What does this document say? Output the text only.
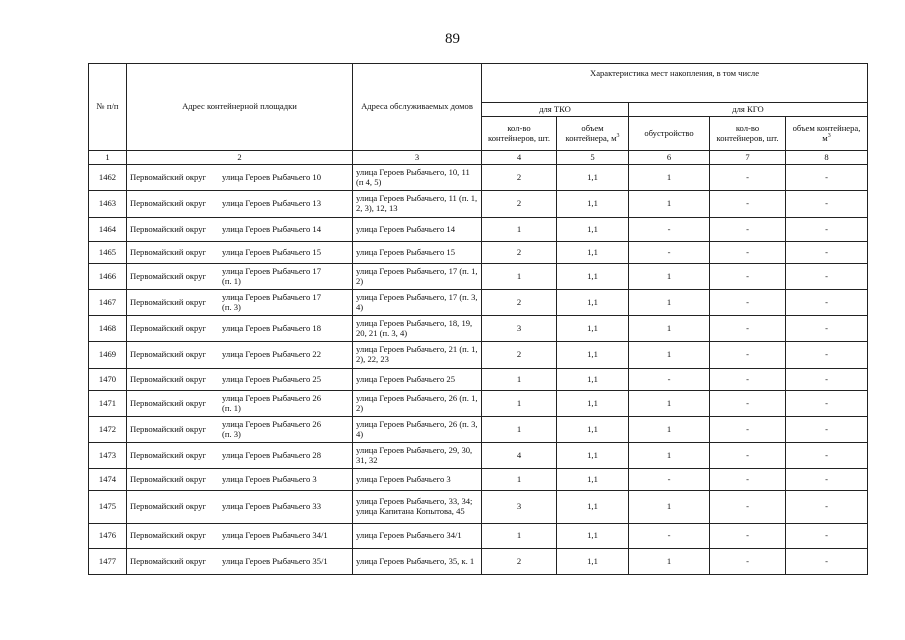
89
№ п/п	Адрес контейнерной площадки	Адреса обслуживаемых домов	Характеристика мест накопления, в том числе				
			для ТКО		для КГО		
			кол-во контейнеров, шт.	объем контейнера, $м^3$	обустройство	кол-во контейнеров, шт.	объем контейнера, $м^3$
1	2	3	4	5	6	7	8
1462	Первомайский округ улица Героев Рыбачьего 10	улица Героев Рыбачьего, 10, 11 (п 4, 5)	2	1,1	1	-	-
1463	Первомайский округ улица Героев Рыбачьего 13	улица Героев Рыбачьего, 11 (п. 1, 2, 3), 12, 13	2	1,1	1	-	-
1464	Первомайский округ улица Героев Рыбачьего 14	улица Героев Рыбачьего 14	1	1,1	-	-	-
1465	Первомайский округ улица Героев Рыбачьего 15	улица Героев Рыбачьего 15	2	1,1	-	-	-
1466	Первомайский округ улица Героев Рыбачьего 17
(п. 1)	улица Героев Рыбачьего, 17 (п. 1, 2)	1	1,1	1	-	-
1467	Первомайский округ улица Героев Рыбачьего 17
(п. 3)	улица Героев Рыбачьего, 17 (п. 3, 4)	2	1,1	1	-	-
1468	Первомайский округ улица Героев Рыбачьего 18	улица Героев Рыбачьего, 18, 19, 20, 21 (п. 3, 4)	3	1,1	1	-	-
1469	Первомайский округ улица Героев Рыбачьего 22	улица Героев Рыбачьего, 21 (п. 1, 2), 22, 23	2	1,1	1	-	-
1470	Первомайский округ улица Героев Рыбачьего 25	улица Героев Рыбачьего 25	1	1,1	-	-	-
1471	Первомайский округ улица Героев Рыбачьего 26
(п. 1)	улица Героев Рыбачьего, 26 (п. 1, 2)	1	1,1	1	-	-
1472	Первомайский округ улица Героев Рыбачьего 26
(п. 3)	улица Героев Рыбачьего, 26 (п. 3, 4)	1	1,1	1	-	-
1473	Первомайский округ улица Героев Рыбачьего 28	улица Героев Рыбачьего, 29, 30, 31, 32	4	1,1	1	-	-
1474	Первомайский округ улица Героев Рыбачьего 3	улица Героев Рыбачьего 3	1	1,1	-	-	-
1475	Первомайский округ улица Героев Рыбачьего 33	улица Героев Рыбачьего, 33, 34; улица Капитана Копытова, 45	3	1,1	1	-	-
1476	Первомайский округ улица Героев Рыбачьего 34/1	улица Героев Рыбачьего 34/1	1	1,1	-	-	-
1477	Первомайский округ улица Героев Рыбачьего 35/1	улица Героев Рыбачьего, 35, к. 1	2	1,1	1	-	-
